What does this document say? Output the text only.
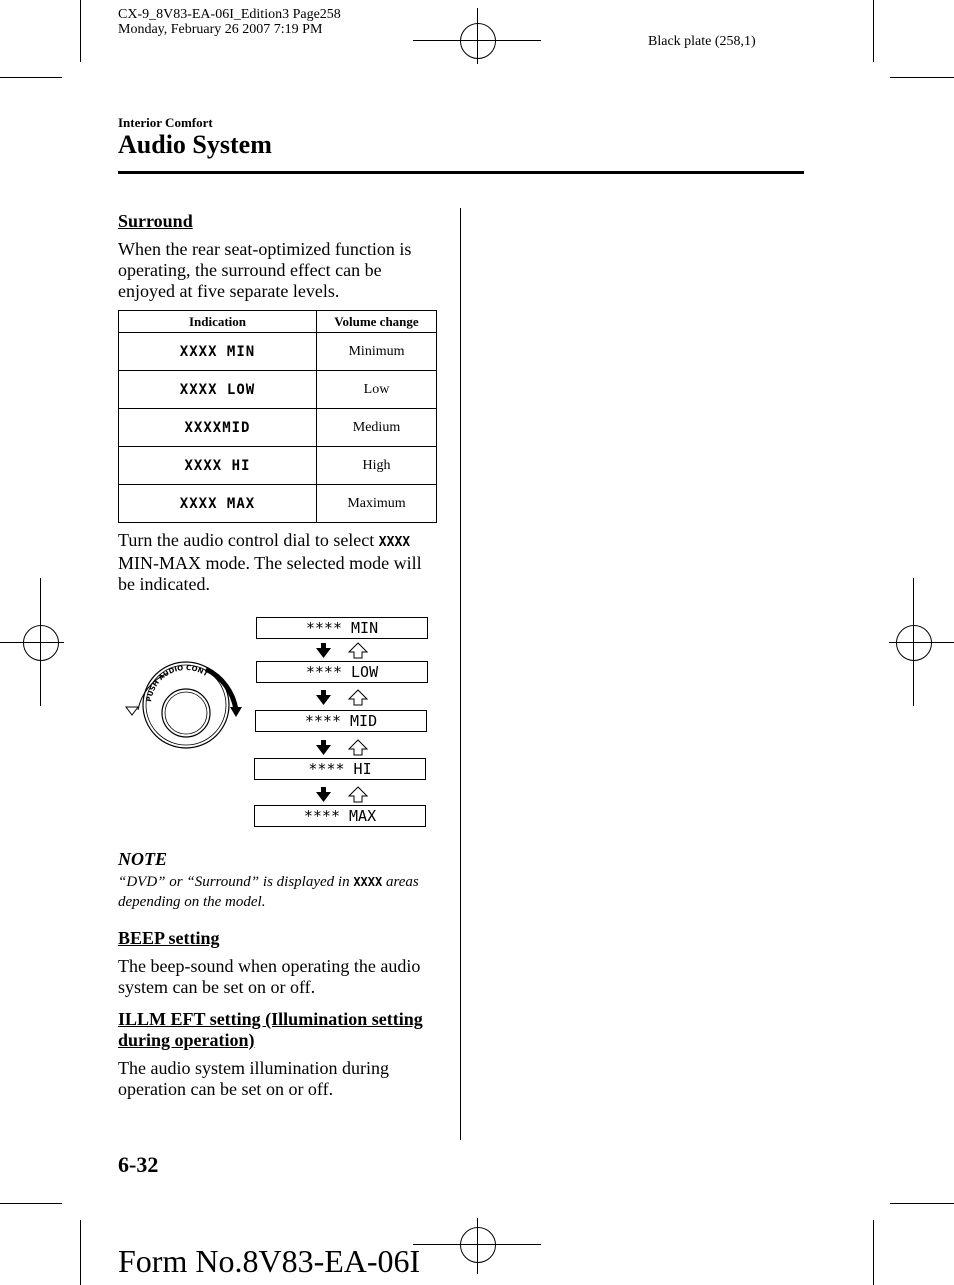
CX-9_8V83-EA-06I_Edition3 Page258
Monday, February 26 2007 7:19 PM
Black plate (258,1)
Interior Comfort
Audio System
Surround
When the rear seat-optimized function is operating, the surround effect can be enjoyed at five separate levels.
Indication	Volume change
XXXX MIN	Minimum
XXXX LOW	Low
XXXXMID	Medium
XXXX HI	High
XXXX MAX	Maximum
Turn the audio control dial to select XXXX MIN-MAX mode. The selected mode will be indicated.
PUSH AUDIO CONT
**** MIN
**** LOW
**** MID
**** HI
**** MAX
NOTE
“DVD” or “Surround” is displayed in XXXX areas depending on the model.
BEEP setting
The beep-sound when operating the audio system can be set on or off.
ILLM EFT setting (Illumination setting during operation)
The audio system illumination during operation can be set on or off.
6-32
Form No.8V83-EA-06I
